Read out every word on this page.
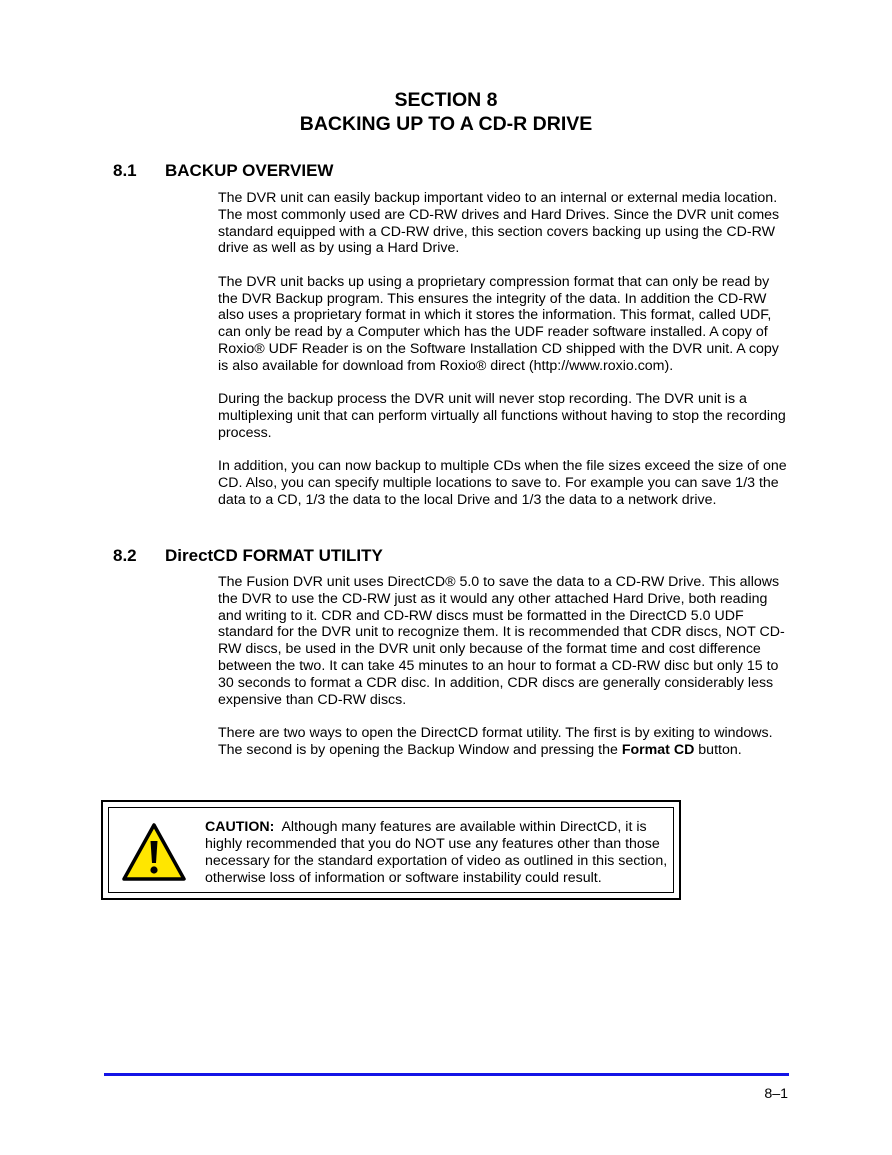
SECTION 8
BACKING UP TO A CD-R DRIVE
8.1 BACKUP OVERVIEW

The DVR unit can easily backup important video to an internal or external media location. The most commonly used are CD-RW drives and Hard Drives. Since the DVR unit comes standard equipped with a CD-RW drive, this section covers backing up using the CD-RW drive as well as by using a Hard Drive.

The DVR unit backs up using a proprietary compression format that can only be read by the DVR Backup program. This ensures the integrity of the data. In addition the CD-RW also uses a proprietary format in which it stores the information. This format, called UDF, can only be read by a Computer which has the UDF reader software installed. A copy of Roxio® UDF Reader is on the Software Installation CD shipped with the DVR unit. A copy is also available for download from Roxio® direct (http://www.roxio.com).

During the backup process the DVR unit will never stop recording. The DVR unit is a multiplexing unit that can perform virtually all functions without having to stop the recording process.

In addition, you can now backup to multiple CDs when the file sizes exceed the size of one CD. Also, you can specify multiple locations to save to. For example you can save 1/3 the data to a CD, 1/3 the data to the local Drive and 1/3 the data to a network drive.

8.2 DirectCD FORMAT UTILITY

The Fusion DVR unit uses DirectCD® 5.0 to save the data to a CD-RW Drive. This allows the DVR to use the CD-RW just as it would any other attached Hard Drive, both reading and writing to it. CDR and CD-RW discs must be formatted in the DirectCD 5.0 UDF standard for the DVR unit to recognize them. It is recommended that CDR discs, NOT CD-RW discs, be used in the DVR unit only because of the format time and cost difference between the two. It can take 45 minutes to an hour to format a CD-RW disc but only 15 to 30 seconds to format a CDR disc. In addition, CDR discs are generally considerably less expensive than CD-RW discs.

There are two ways to open the DirectCD format utility. The first is by exiting to windows. The second is by opening the Backup Window and pressing the Format CD button.

CAUTION: Although many features are available within DirectCD, it is highly recommended that you do NOT use any features other than those necessary for the standard exportation of video as outlined in this section, otherwise loss of information or software instability could result.
8–1
